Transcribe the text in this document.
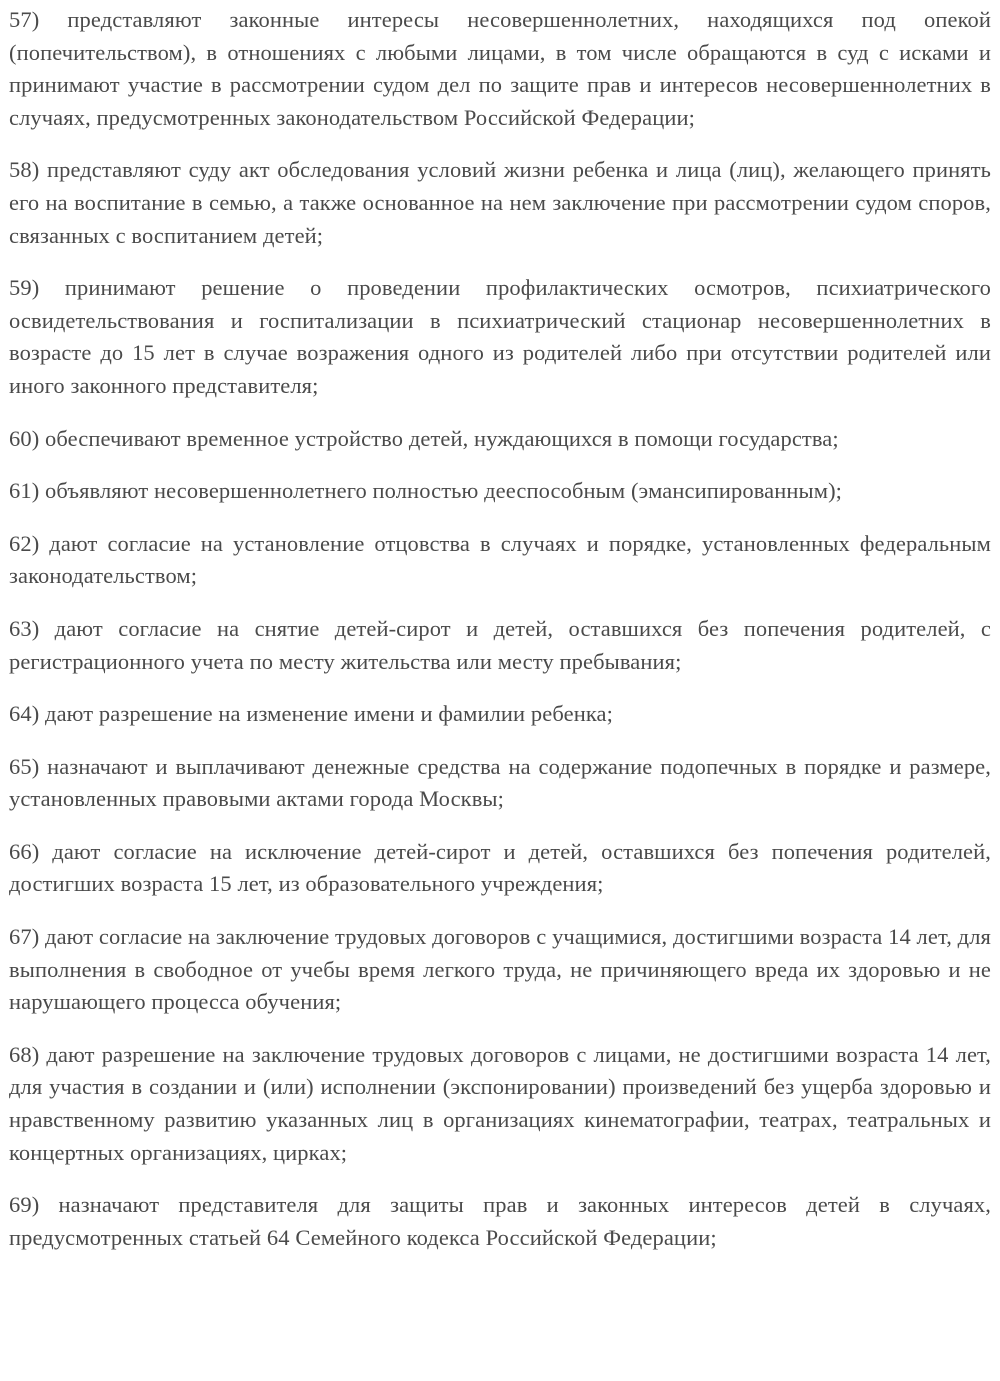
57) представляют законные интересы несовершеннолетних, находящихся под опекой (попечительством), в отношениях с любыми лицами, в том числе обращаются в суд с исками и принимают участие в рассмотрении судом дел по защите прав и интересов несовершеннолетних в случаях, предусмотренных законодательством Российской Федерации;

58) представляют суду акт обследования условий жизни ребенка и лица (лиц), желающего принять его на воспитание в семью, а также основанное на нем заключение при рассмотрении судом споров, связанных с воспитанием детей;

59) принимают решение о проведении профилактических осмотров, психиатрического освидетельствования и госпитализации в психиатрический стационар несовершеннолетних в возрасте до 15 лет в случае возражения одного из родителей либо при отсутствии родителей или иного законного представителя;

60) обеспечивают временное устройство детей, нуждающихся в помощи государства;

61) объявляют несовершеннолетнего полностью дееспособным (эмансипированным);

62) дают согласие на установление отцовства в случаях и порядке, установленных федеральным законодательством;

63) дают согласие на снятие детей-сирот и детей, оставшихся без попечения родителей, с регистрационного учета по месту жительства или месту пребывания;

64) дают разрешение на изменение имени и фамилии ребенка;

65) назначают и выплачивают денежные средства на содержание подопечных в порядке и размере, установленных правовыми актами города Москвы;

66) дают согласие на исключение детей-сирот и детей, оставшихся без попечения родителей, достигших возраста 15 лет, из образовательного учреждения;

67) дают согласие на заключение трудовых договоров с учащимися, достигшими возраста 14 лет, для выполнения в свободное от учебы время легкого труда, не причиняющего вреда их здоровью и не нарушающего процесса обучения;

68) дают разрешение на заключение трудовых договоров с лицами, не достигшими возраста 14 лет, для участия в создании и (или) исполнении (экспонировании) произведений без ущерба здоровью и нравственному развитию указанных лиц в организациях кинематографии, театрах, театральных и концертных организациях, цирках;

69) назначают представителя для защиты прав и законных интересов детей в случаях, предусмотренных статьей 64 Семейного кодекса Российской Федерации;
